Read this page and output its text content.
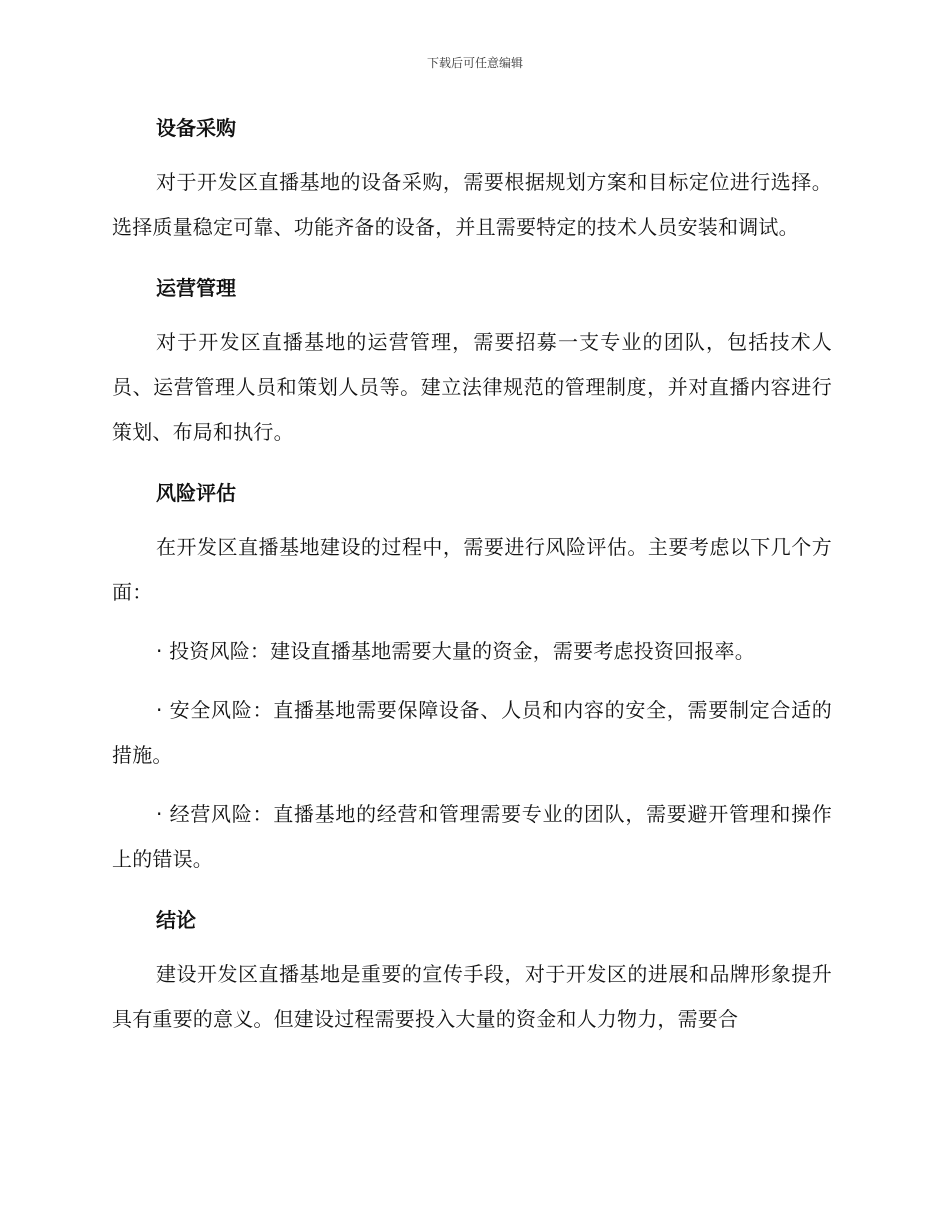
下载后可任意编辑
设备采购

对于开发区直播基地的设备采购，需要根据规划方案和目标定位进行选择。选择质量稳定可靠、功能齐备的设备，并且需要特定的技术人员安装和调试。

运营管理

对于开发区直播基地的运营管理，需要招募一支专业的团队，包括技术人员、运营管理人员和策划人员等。建立法律规范的管理制度，并对直播内容进行策划、布局和执行。

风险评估

在开发区直播基地建设的过程中，需要进行风险评估。主要考虑以下几个方面：

· 投资风险：建设直播基地需要大量的资金，需要考虑投资回报率。

· 安全风险：直播基地需要保障设备、人员和内容的安全，需要制定合适的措施。

· 经营风险：直播基地的经营和管理需要专业的团队，需要避开管理和操作上的错误。

结论

建设开发区直播基地是重要的宣传手段，对于开发区的进展和品牌形象提升具有重要的意义。但建设过程需要投入大量的资金和人力物力，需要合
